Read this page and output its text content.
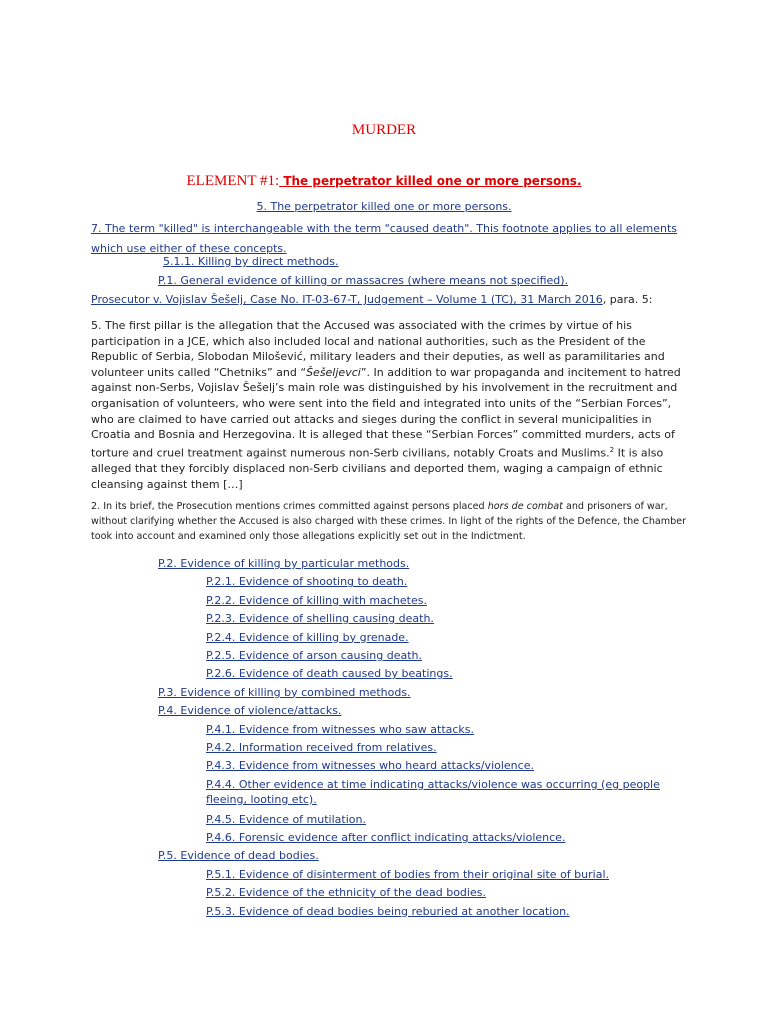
MURDER
ELEMENT #1: The perpetrator killed one or more persons.
5. The perpetrator killed one or more persons.
7. The term "killed" is interchangeable with the term "caused death". This footnote applies to all elements which use either of these concepts.
5.1.1. Killing by direct methods.
P.1. General evidence of killing or massacres (where means not specified).
Prosecutor v. Vojislav Šešelj, Case No. IT-03-67-T, Judgement – Volume 1 (TC), 31 March 2016, para. 5:
5. The first pillar is the allegation that the Accused was associated with the crimes by virtue of his participation in a JCE, which also included local and national authorities, such as the President of the Republic of Serbia, Slobodan Milošević, military leaders and their deputies, as well as paramilitaries and volunteer units called “Chetniks” and “Šešeljevci”. In addition to war propaganda and incitement to hatred against non-Serbs, Vojislav Šešelj’s main role was distinguished by his involvement in the recruitment and organisation of volunteers, who were sent into the field and integrated into units of the “Serbian Forces”, who are claimed to have carried out attacks and sieges during the conflict in several municipalities in Croatia and Bosnia and Herzegovina. It is alleged that these “Serbian Forces” committed murders, acts of torture and cruel treatment against numerous non-Serb civilians, notably Croats and Muslims.$^2$ It is also alleged that they forcibly displaced non-Serb civilians and deported them, waging a campaign of ethnic cleansing against them […]
2. In its brief, the Prosecution mentions crimes committed against persons placed hors de combat and prisoners of war, without clarifying whether the Accused is also charged with these crimes. In light of the rights of the Defence, the Chamber took into account and examined only those allegations explicitly set out in the Indictment.
P.2. Evidence of killing by particular methods.
P.2.1. Evidence of shooting to death.
P.2.2. Evidence of killing with machetes.
P.2.3. Evidence of shelling causing death.
P.2.4. Evidence of killing by grenade.
P.2.5. Evidence of arson causing death.
P.2.6. Evidence of death caused by beatings.
P.3. Evidence of killing by combined methods.
P.4. Evidence of violence/attacks.
P.4.1. Evidence from witnesses who saw attacks.
P.4.2. Information received from relatives.
P.4.3. Evidence from witnesses who heard attacks/violence.
P.4.4. Other evidence at time indicating attacks/violence was occurring (eg people fleeing, looting etc).
P.4.5. Evidence of mutilation.
P.4.6. Forensic evidence after conflict indicating attacks/violence.
P.5. Evidence of dead bodies.
P.5.1. Evidence of disinterment of bodies from their original site of burial.
P.5.2. Evidence of the ethnicity of the dead bodies.
P.5.3. Evidence of dead bodies being reburied at another location.
